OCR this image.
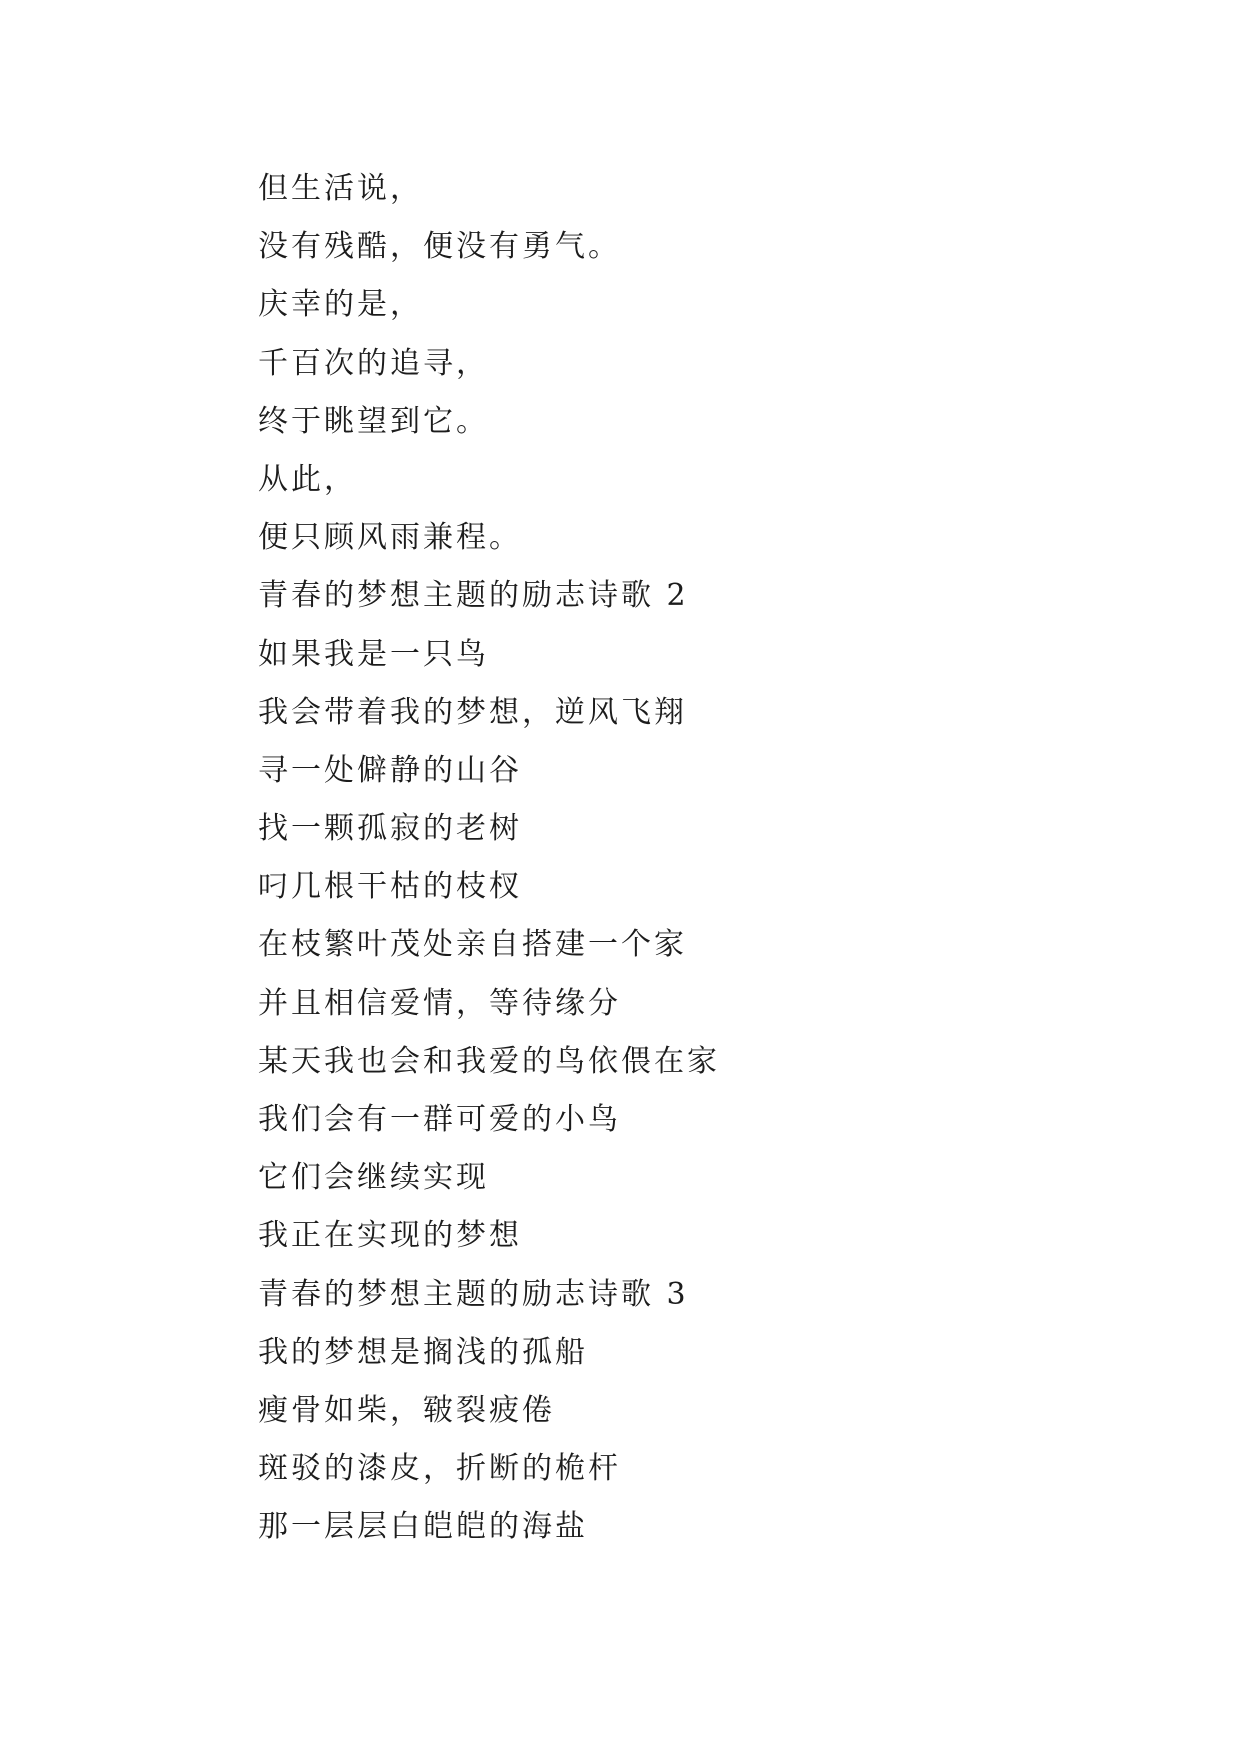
但生活说，
没有残酷，便没有勇气。
庆幸的是，
千百次的追寻，
终于眺望到它。
从此，
便只顾风雨兼程。
青春的梦想主题的励志诗歌 2
如果我是一只鸟
我会带着我的梦想，逆风飞翔
寻一处僻静的山谷
找一颗孤寂的老树
叼几根干枯的枝杈
在枝繁叶茂处亲自搭建一个家
并且相信爱情，等待缘分
某天我也会和我爱的鸟依偎在家
我们会有一群可爱的小鸟
它们会继续实现
我正在实现的梦想
青春的梦想主题的励志诗歌 3
我的梦想是搁浅的孤船
瘦骨如柴，皲裂疲倦
斑驳的漆皮，折断的桅杆
那一层层白皑皑的海盐
